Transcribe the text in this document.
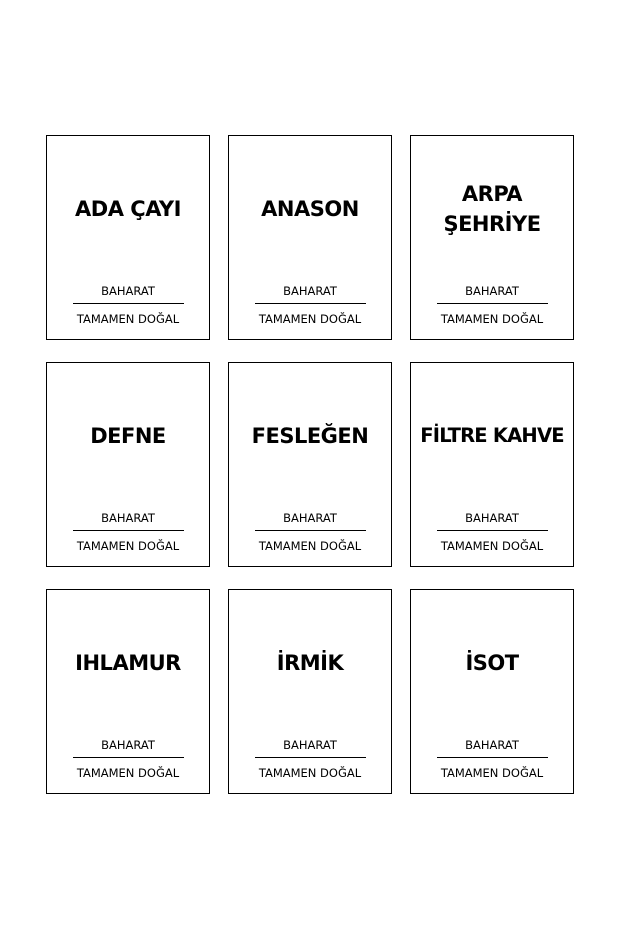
ADA ÇAYI
BAHARAT
TAMAMEN DOĞAL
ANASON
BAHARAT
TAMAMEN DOĞAL
ARPA
ŞEHRİYE
BAHARAT
TAMAMEN DOĞAL
DEFNE
BAHARAT
TAMAMEN DOĞAL
FESLEĞEN
BAHARAT
TAMAMEN DOĞAL
FİLTRE KAHVE
BAHARAT
TAMAMEN DOĞAL
IHLAMUR
BAHARAT
TAMAMEN DOĞAL
İRMİK
BAHARAT
TAMAMEN DOĞAL
İSOT
BAHARAT
TAMAMEN DOĞAL
